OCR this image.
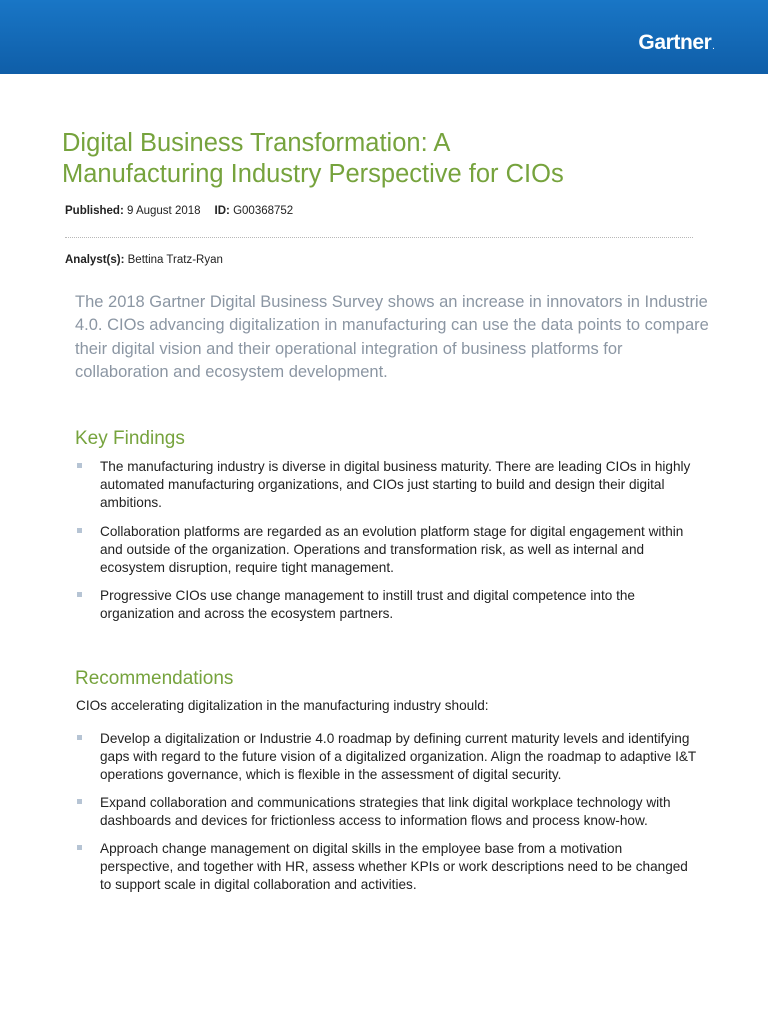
Gartner.
Digital Business Transformation: A
Manufacturing Industry Perspective for CIOs
Published: 9 August 2018 ID: G00368752
Analyst(s): Bettina Tratz-Ryan

The 2018 Gartner Digital Business Survey shows an increase in innovators in Industrie 4.0. CIOs advancing digitalization in manufacturing can use the data points to compare their digital vision and their operational integration of business platforms for collaboration and ecosystem development.

Key Findings
The manufacturing industry is diverse in digital business maturity. There are leading CIOs in highly automated manufacturing organizations, and CIOs just starting to build and design their digital ambitions.
Collaboration platforms are regarded as an evolution platform stage for digital engagement within and outside of the organization. Operations and transformation risk, as well as internal and ecosystem disruption, require tight management.
Progressive CIOs use change management to instill trust and digital competence into the organization and across the ecosystem partners.
Recommendations
CIOs accelerating digitalization in the manufacturing industry should:
Develop a digitalization or Industrie 4.0 roadmap by defining current maturity levels and identifying gaps with regard to the future vision of a digitalized organization. Align the roadmap to adaptive I&T operations governance, which is flexible in the assessment of digital security.
Expand collaboration and communications strategies that link digital workplace technology with dashboards and devices for frictionless access to information flows and process know-how.
Approach change management on digital skills in the employee base from a motivation perspective, and together with HR, assess whether KPIs or work descriptions need to be changed to support scale in digital collaboration and activities.
